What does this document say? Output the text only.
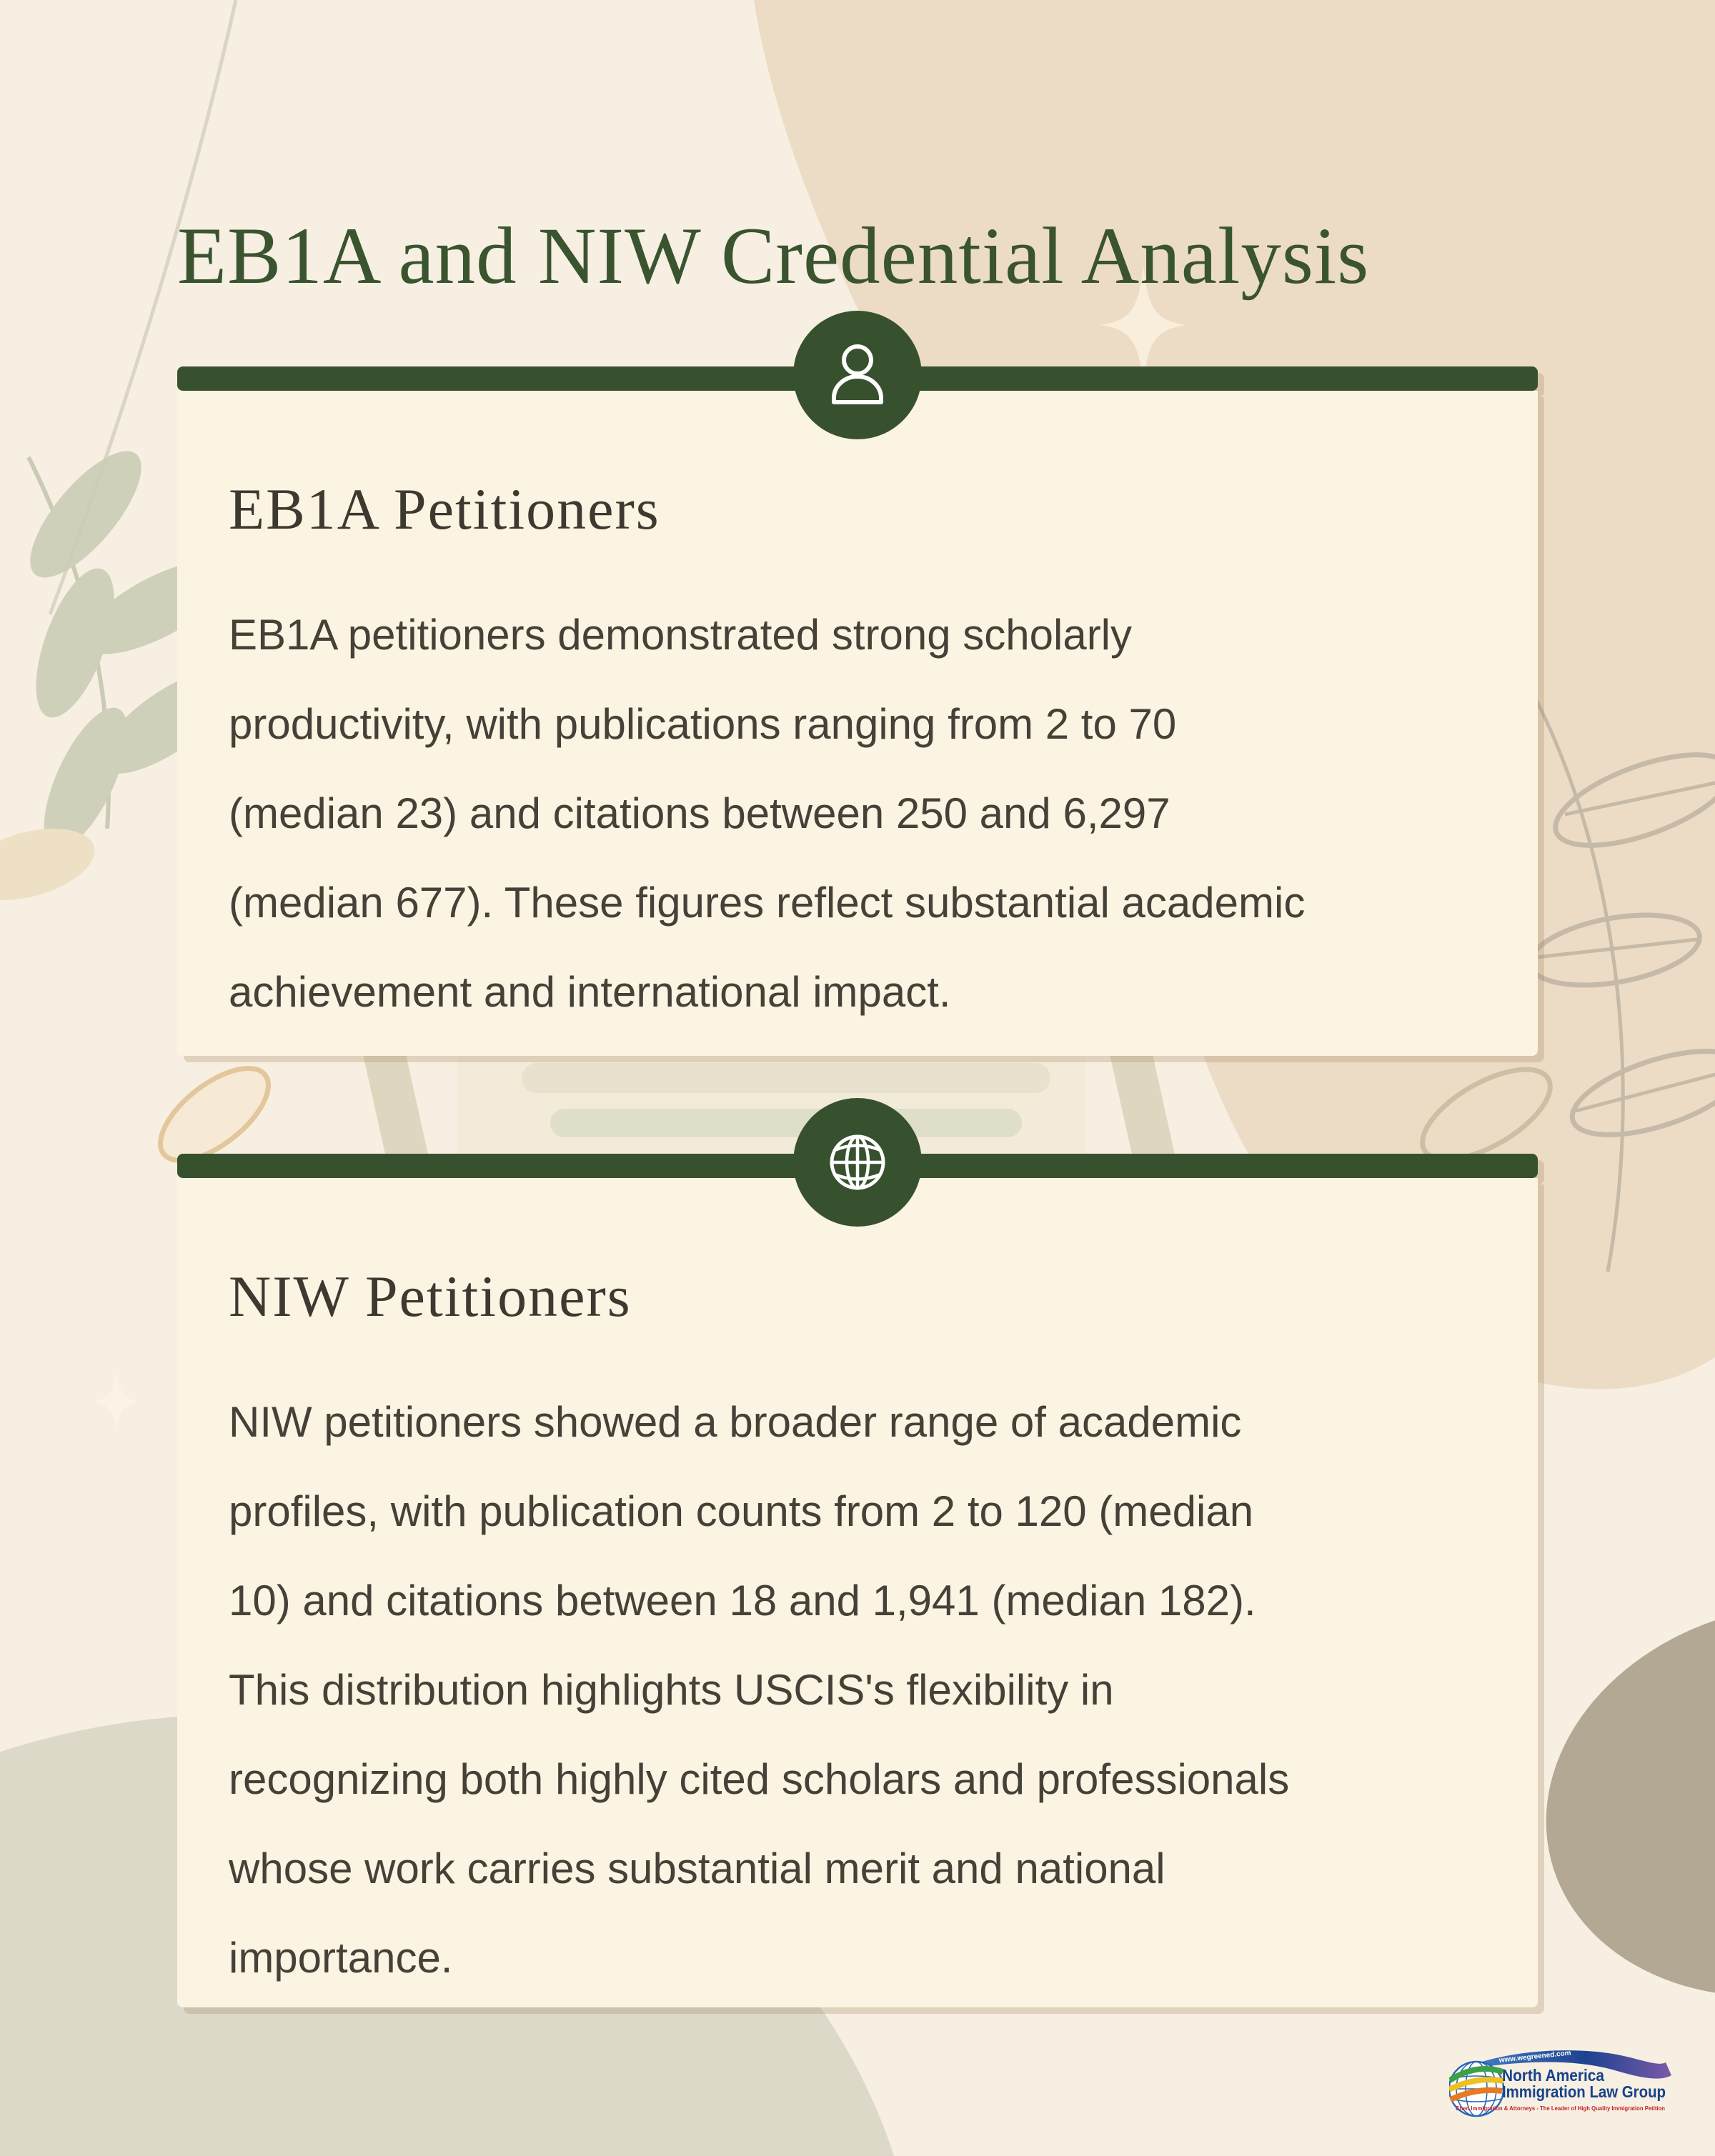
EB1A and NIW Credential Analysis
EB1A Petitioners
EB1A petitioners demonstrated strong scholarly
productivity, with publications ranging from 2 to 70
(median 23) and citations between 250 and 6,297
(median 677). These figures reflect substantial academic
achievement and international impact.
NIW Petitioners
NIW petitioners showed a broader range of academic
profiles, with publication counts from 2 to 120 (median
10) and citations between 18 and 1,941 (median 182).
This distribution highlights USCIS's flexibility in
recognizing both highly cited scholars and professionals
whose work carries substantial merit and national
importance.
www.wegreened.com
North America
Immigration Law Group
Chen Immigration & Attorneys - The Leader of High Quality Immigration Petition
